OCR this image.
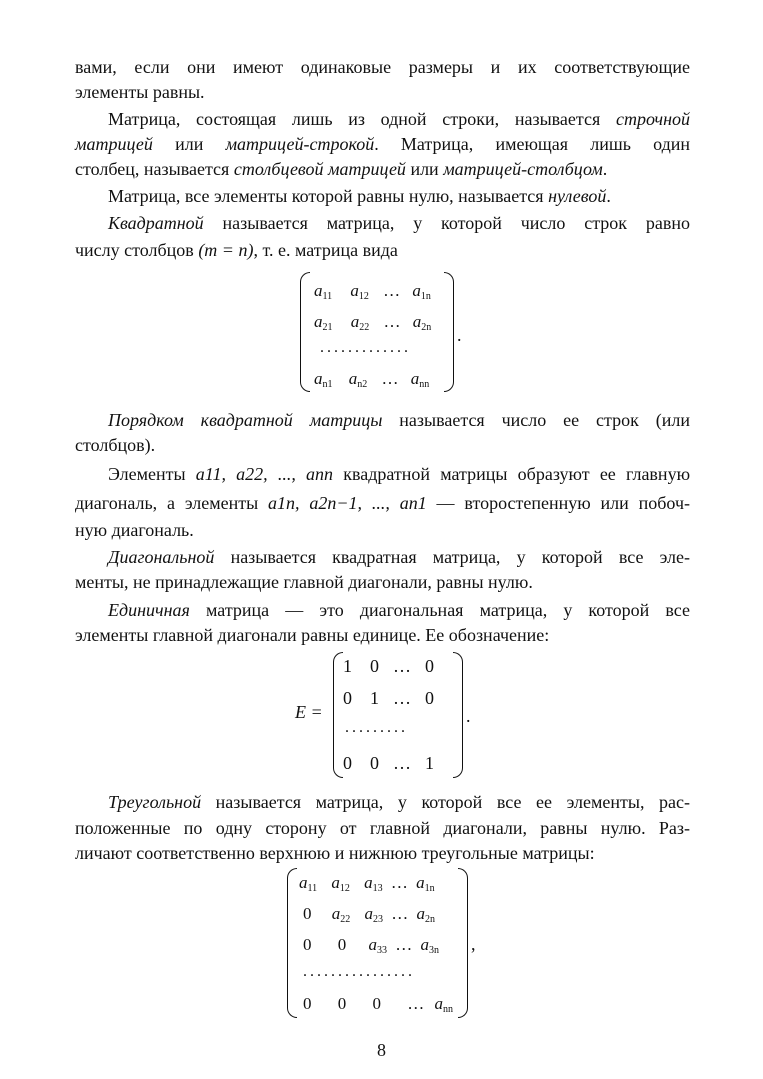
вами, если они имеют одинаковые размеры и их соответствующие
элементы равны.
Матрица, состоящая лишь из одной строки, называется строчной
матрицей или матрицей-строкой. Матрица, имеющая лишь один
столбец, называется столбцевой матрицей или матрицей-столбцом.
Матрица, все элементы которой равны нулю, называется нулевой.
Квадратной называется матрица, у которой число строк равно
числу столбцов (m = n), т. е. матрица вида
$a_{11}$ $a_{12}$ … $a_{1n}$
$a_{21}$ $a_{22}$ … $a_{2n}$
.............
$a_{n1}$ $a_{n2}$ … $a_{nn}$
.
Порядком квадратной матрицы называется число ее строк (или
столбцов).
Элементы a11, a22, ..., ann квадратной матрицы образуют ее главную
диагональ, а элементы a1n, a2n−1, ..., an1 — второстепенную или побоч-
ную диагональ.
Диагональной называется квадратная матрица, у которой все эле-
менты, не принадлежащие главной диагонали, равны нулю.
Единичная матрица — это диагональная матрица, у которой все
элементы главной диагонали равны единице. Ее обозначение:
E =
1 0 … 0
0 1 … 0
.........
0 0 … 1
.
Треугольной называется матрица, у которой все ее элементы, рас-
положенные по одну сторону от главной диагонали, равны нулю. Раз-
личают соответственно верхнюю и нижнюю треугольные матрицы:
$a_{11}$ $a_{12}$ $a_{13}$ … $a_{1n}$
0 $a_{22}$ $a_{23}$ … $a_{2n}$
0 0 $a_{33}$ … $a_{3n}$
................
0 0 0 … $a_{nn}$
,
8
